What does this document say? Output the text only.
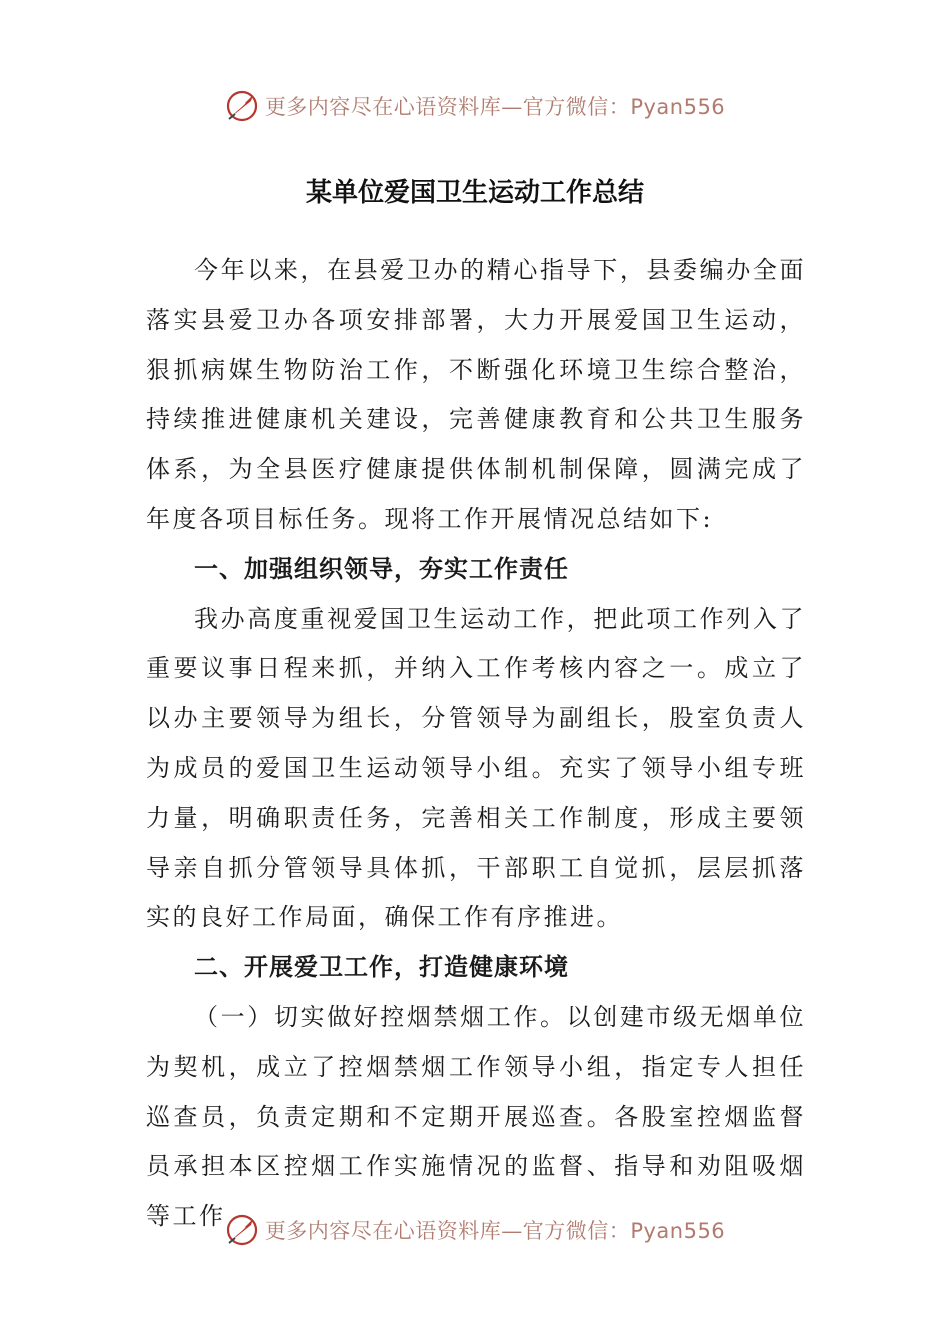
更多内容尽在心语资料库—官方微信：Pyan556
某单位爱国卫生运动工作总结

今年以来，在县爱卫办的精心指导下，县委编办全面落实县爱卫办各项安排部署，大力开展爱国卫生运动，狠抓病媒生物防治工作，不断强化环境卫生综合整治，持续推进健康机关建设，完善健康教育和公共卫生服务体系，为全县医疗健康提供体制机制保障，圆满完成了年度各项目标任务。现将工作开展情况总结如下:

一、加强组织领导，夯实工作责任

我办高度重视爱国卫生运动工作，把此项工作列入了重要议事日程来抓，并纳入工作考核内容之一。成立了以办主要领导为组长，分管领导为副组长，股室负责人为成员的爱国卫生运动领导小组。充实了领导小组专班力量，明确职责任务，完善相关工作制度，形成主要领导亲自抓分管领导具体抓，干部职工自觉抓，层层抓落实的良好工作局面，确保工作有序推进。

二、开展爱卫工作，打造健康环境

（一）切实做好控烟禁烟工作。以创建市级无烟单位为契机，成立了控烟禁烟工作领导小组，指定专人担任巡查员，负责定期和不定期开展巡查。各股室控烟监督员承担本区控烟工作实施情况的监督、指导和劝阻吸烟等工作

更多内容尽在心语资料库—官方微信：Pyan556
